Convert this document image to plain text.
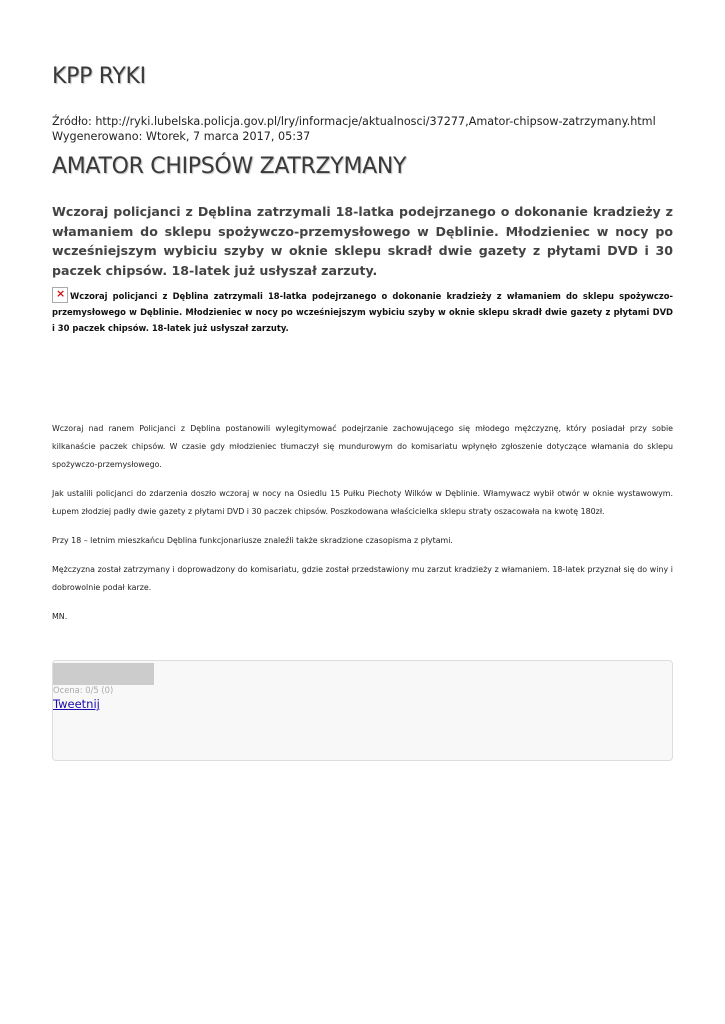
KPP RYKI
Źródło: http://ryki.lubelska.policja.gov.pl/lry/informacje/aktualnosci/37277,Amator-chipsow-zatrzymany.html
Wygenerowano: Wtorek, 7 marca 2017, 05:37
AMATOR CHIPSÓW ZATRZYMANY

Wczoraj policjanci z Dęblina zatrzymali 18-latka podejrzanego o dokonanie kradzieży z włamaniem do sklepu spożywczo-przemysłowego w Dęblinie. Młodzieniec w nocy po wcześniejszym wybiciu szyby w oknie sklepu skradł dwie gazety z płytami DVD i 30 paczek chipsów. 18-latek już usłyszał zarzuty.

× Wczoraj policjanci z Dęblina zatrzymali 18-latka podejrzanego o dokonanie kradzieży z włamaniem do sklepu spożywczo-przemysłowego w Dęblinie. Młodzieniec w nocy po wcześniejszym wybiciu szyby w oknie sklepu skradł dwie gazety z płytami DVD i 30 paczek chipsów. 18-latek już usłyszał zarzuty.

Wczoraj nad ranem Policjanci z Dęblina postanowili wylegitymować podejrzanie zachowującego się młodego mężczyznę, który posiadał przy sobie kilkanaście paczek chipsów. W czasie gdy młodzieniec tłumaczył się mundurowym do komisariatu wpłynęło zgłoszenie dotyczące włamania do sklepu spożywczo-przemysłowego.

Jak ustalili policjanci do zdarzenia doszło wczoraj w nocy na Osiedlu 15 Pułku Piechoty Wilków w Dęblinie. Włamywacz wybił otwór w oknie wystawowym. Łupem złodziej padły dwie gazety z płytami DVD i 30 paczek chipsów. Poszkodowana właścicielka sklepu straty oszacowała na kwotę 180zł.

Przy 18 – letnim mieszkańcu Dęblina funkcjonariusze znaleźli także skradzione czasopisma z płytami.

Mężczyzna został zatrzymany i doprowadzony do komisariatu, gdzie został przedstawiony mu zarzut kradzieży z włamaniem. 18-latek przyznał się do winy i dobrowolnie podał karze.

MN.

Ocena: 0/5 (0)
Tweetnij
